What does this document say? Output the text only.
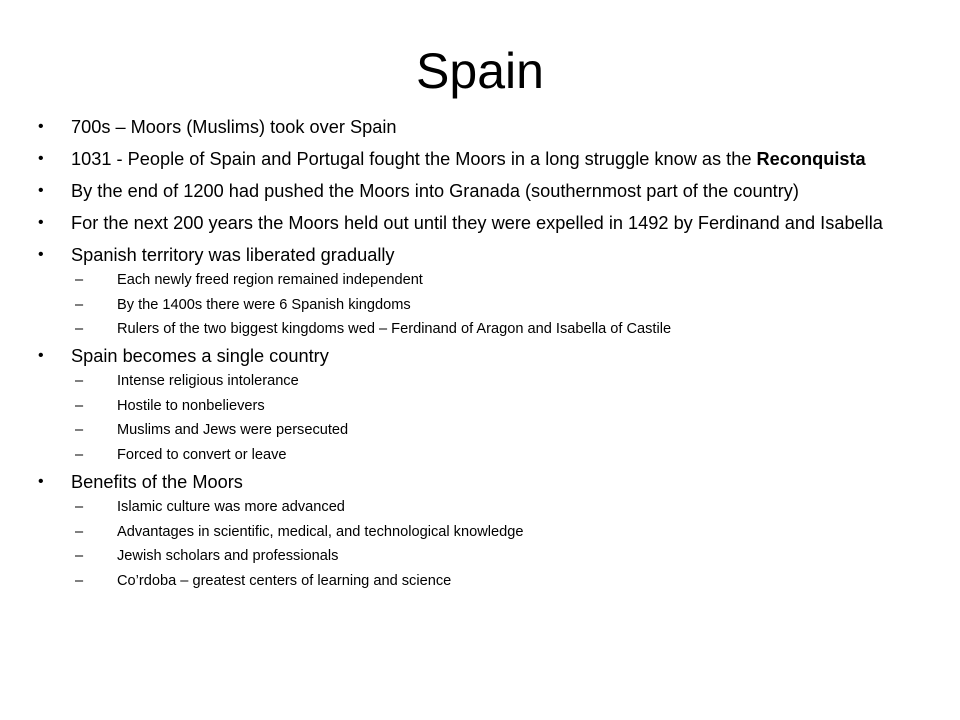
Spain
• 700s – Moors (Muslims) took over Spain
• 1031 - People of Spain and Portugal fought the Moors in a long struggle know as the Reconquista
• By the end of 1200 had pushed the Moors into Granada (southernmost part of the country)
• For the next 200 years the Moors held out until they were expelled in 1492 by Ferdinand and Isabella
• Spanish territory was liberated gradually
– Each newly freed region remained independent
– By the 1400s there were 6 Spanish kingdoms
– Rulers of the two biggest kingdoms wed – Ferdinand of Aragon and Isabella of Castile
• Spain becomes a single country
– Intense religious intolerance
– Hostile to nonbelievers
– Muslims and Jews were persecuted
– Forced to convert or leave
• Benefits of the Moors
– Islamic culture was more advanced
– Advantages in scientific, medical, and technological knowledge
– Jewish scholars and professionals
– Co’rdoba – greatest centers of learning and science
